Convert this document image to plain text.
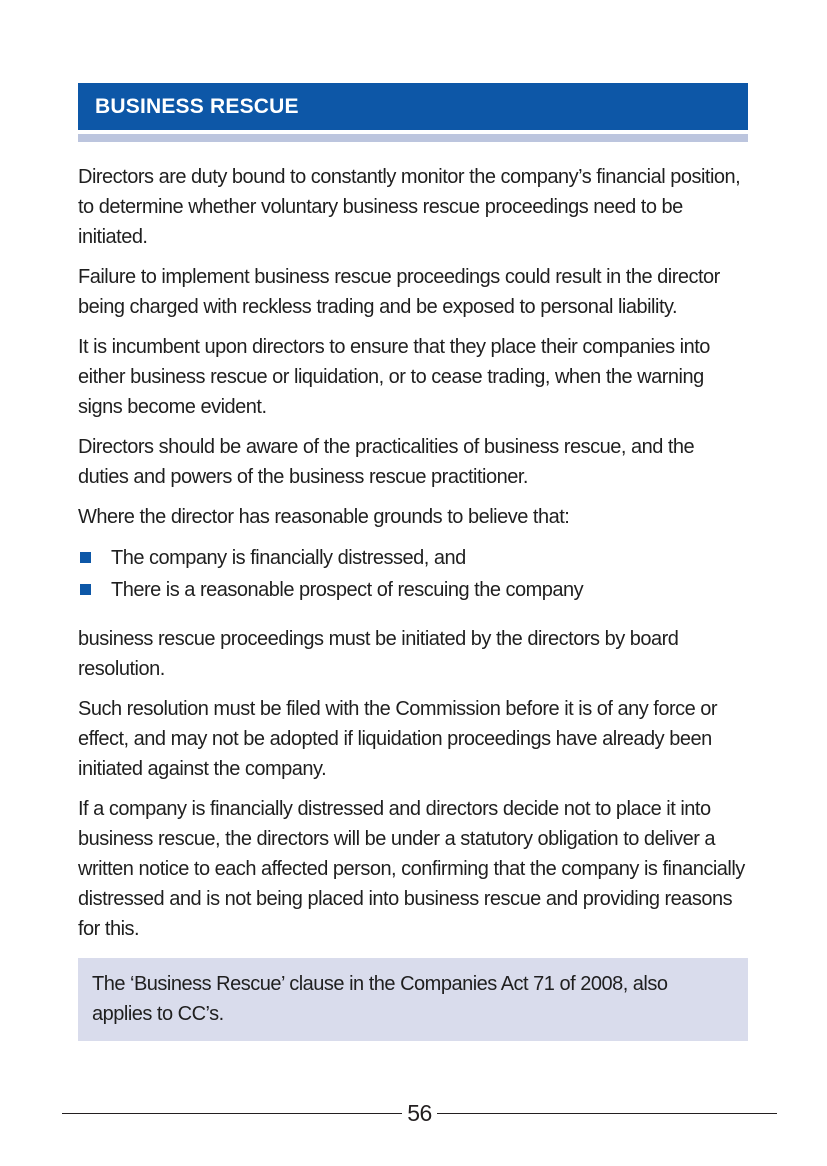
BUSINESS RESCUE

Directors are duty bound to constantly monitor the company’s financial position, to determine whether voluntary business rescue proceedings need to be initiated.

Failure to implement business rescue proceedings could result in the director being charged with reckless trading and be exposed to personal liability.

It is incumbent upon directors to ensure that they place their companies into either business rescue or liquidation, or to cease trading, when the warning signs become evident.

Directors should be aware of the practicalities of business rescue, and the duties and powers of the business rescue practitioner.

Where the director has reasonable grounds to believe that:

The company is financially distressed, and
There is a reasonable prospect of rescuing the company

business rescue proceedings must be initiated by the directors by board resolution.

Such resolution must be filed with the Commission before it is of any force or effect, and may not be adopted if liquidation proceedings have already been initiated against the company.

If a company is financially distressed and directors decide not to place it into business rescue, the directors will be under a statutory obligation to deliver a written notice to each affected person, confirming that the company is financially distressed and is not being placed into business rescue and providing reasons for this.

The ‘Business Rescue’ clause in the Companies Act 71 of 2008, also applies to CC’s.
56
